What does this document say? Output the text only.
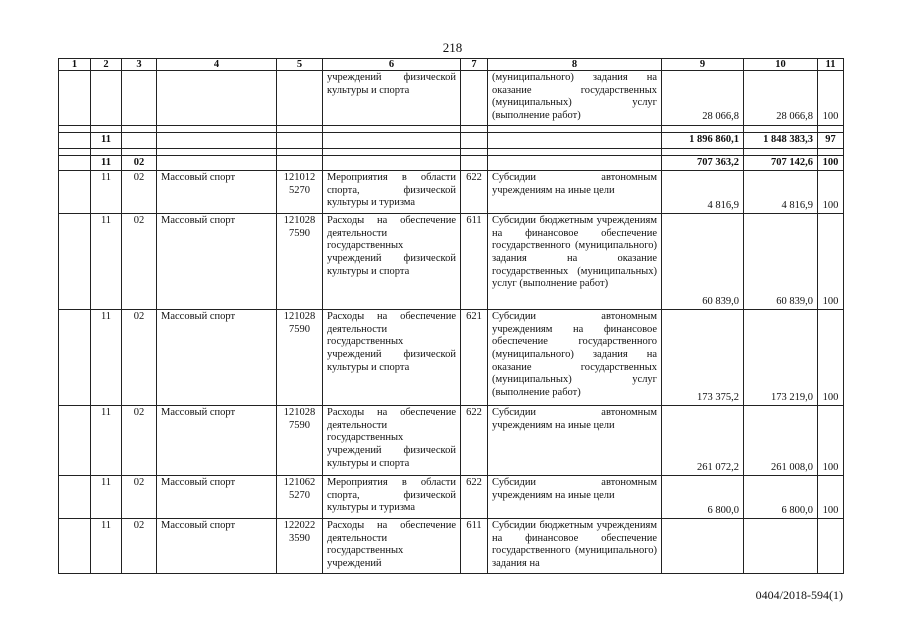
218
1	2	3	4	5	6	7	8	9	10	11
					учреждений физической культуры и спорта		(муниципального) задания на оказание государственных (муниципальных) услуг (выполнение работ)	28 066,8	28 066,8	100

	11							1 896 860,1	1 848 383,3	97

	11	02						707 363,2	707 142,6	100
	11	02	Массовый спорт	121012 5270	Мероприятия в области спорта, физической культуры и туризма	622	Субсидии автономным учреждениям на иные цели	4 816,9	4 816,9	100
	11	02	Массовый спорт	121028 7590	Расходы на обеспечение деятельности государственных учреждений физической культуры и спорта	611	Субсидии бюджетным учреждениям на финансовое обеспечение государственного (муниципального) задания на оказание государственных (муниципальных) услуг (выполнение работ)	60 839,0	60 839,0	100
	11	02	Массовый спорт	121028 7590	Расходы на обеспечение деятельности государственных учреждений физической культуры и спорта	621	Субсидии автономным учреждениям на финансовое обеспечение государственного (муниципального) задания на оказание государственных (муниципальных) услуг (выполнение работ)	173 375,2	173 219,0	100
	11	02	Массовый спорт	121028 7590	Расходы на обеспечение деятельности государственных учреждений физической культуры и спорта	622	Субсидии автономным учреждениям на иные цели	261 072,2	261 008,0	100
	11	02	Массовый спорт	121062 5270	Мероприятия в области спорта, физической культуры и туризма	622	Субсидии автономным учреждениям на иные цели	6 800,0	6 800,0	100
	11	02	Массовый спорт	122022 3590	Расходы на обеспечение деятельности государственных учреждений	611	Субсидии бюджетным учреждениям на финансовое обеспечение государственного (муниципального) задания на			
0404/2018-594(1)
